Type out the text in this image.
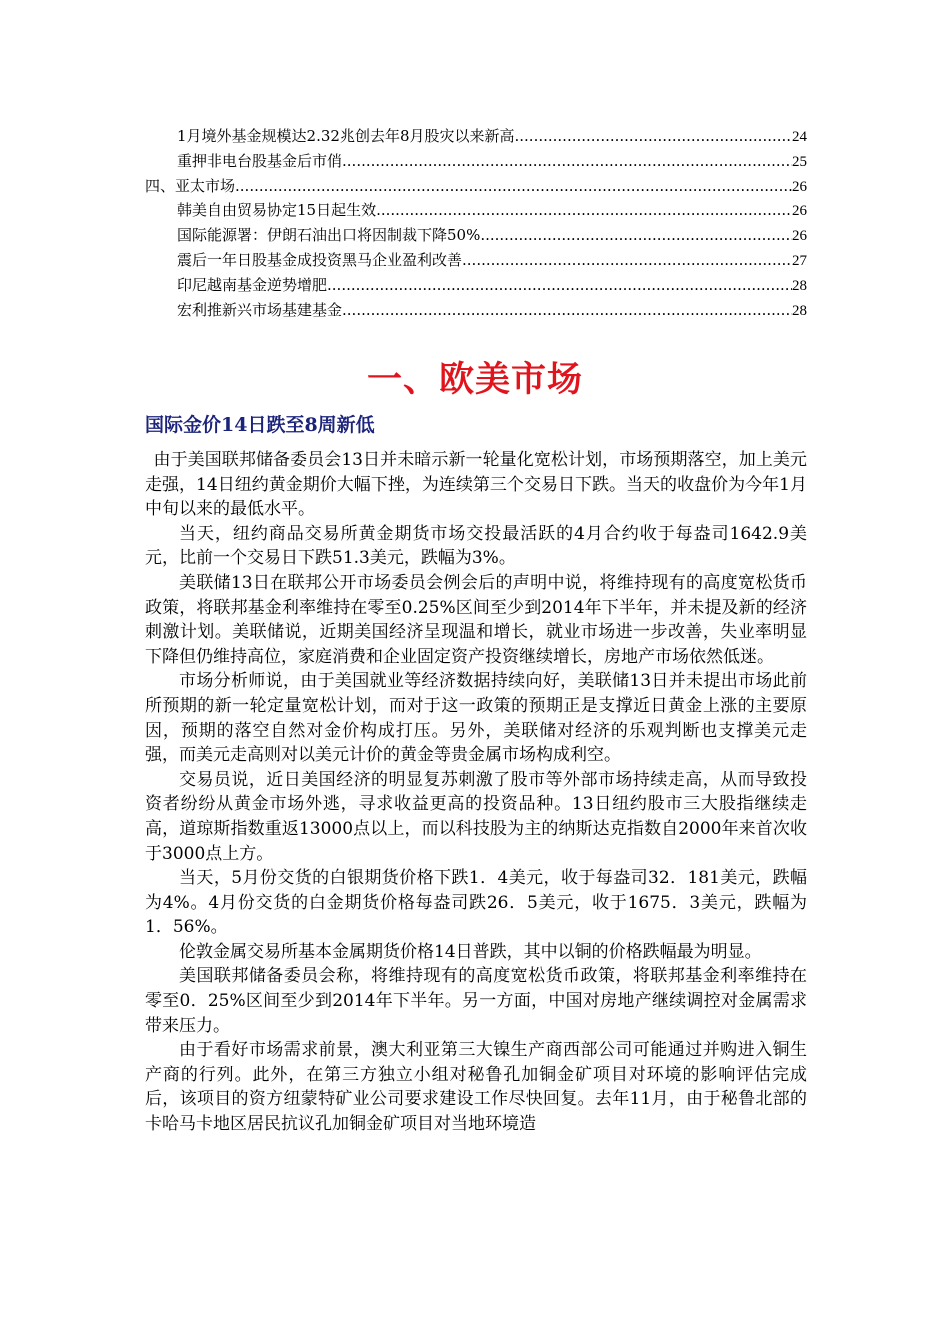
1月境外基金规模达2.32兆创去年8月股灾以来新高 .....	24
重押非电台股基金后市俏 .....	25
四、亚太市场 .....	26
韩美自由贸易协定15日起生效 .....	26
国际能源署：伊朗石油出口将因制裁下降50% .....	26
震后一年日股基金成投资黑马企业盈利改善 .....	27
印尼越南基金逆势增肥 .....	28
宏利推新兴市场基建基金 .....	28
一、欧美市场
国际金价14日跌至8周新低

由于美国联邦储备委员会13日并未暗示新一轮量化宽松计划，市场预期落空，加上美元走强，14日纽约黄金期价大幅下挫，为连续第三个交易日下跌。当天的收盘价为今年1月中旬以来的最低水平。

当天，纽约商品交易所黄金期货市场交投最活跃的4月合约收于每盎司1642.9美元，比前一个交易日下跌51.3美元，跌幅为3%。

美联储13日在联邦公开市场委员会例会后的声明中说，将维持现有的高度宽松货币政策，将联邦基金利率维持在零至0.25%区间至少到2014年下半年，并未提及新的经济刺激计划。美联储说，近期美国经济呈现温和增长，就业市场进一步改善，失业率明显下降但仍维持高位，家庭消费和企业固定资产投资继续增长，房地产市场依然低迷。

市场分析师说，由于美国就业等经济数据持续向好，美联储13日并未提出市场此前所预期的新一轮定量宽松计划，而对于这一政策的预期正是支撑近日黄金上涨的主要原因，预期的落空自然对金价构成打压。另外，美联储对经济的乐观判断也支撑美元走强，而美元走高则对以美元计价的黄金等贵金属市场构成利空。

交易员说，近日美国经济的明显复苏刺激了股市等外部市场持续走高，从而导致投资者纷纷从黄金市场外逃，寻求收益更高的投资品种。13日纽约股市三大股指继续走高，道琼斯指数重返13000点以上，而以科技股为主的纳斯达克指数自2000年来首次收于3000点上方。

当天，5月份交货的白银期货价格下跌1．4美元，收于每盎司32．181美元，跌幅为4%。4月份交货的白金期货价格每盎司跌26．5美元，收于1675．3美元，跌幅为1．56%。

伦敦金属交易所基本金属期货价格14日普跌，其中以铜的价格跌幅最为明显。

美国联邦储备委员会称，将维持现有的高度宽松货币政策，将联邦基金利率维持在零至0．25%区间至少到2014年下半年。另一方面，中国对房地产继续调控对金属需求带来压力。

由于看好市场需求前景，澳大利亚第三大镍生产商西部公司可能通过并购进入铜生产商的行列。此外，在第三方独立小组对秘鲁孔加铜金矿项目对环境的影响评估完成后，该项目的资方纽蒙特矿业公司要求建设工作尽快回复。去年11月，由于秘鲁北部的卡哈马卡地区居民抗议孔加铜金矿项目对当地环境造
